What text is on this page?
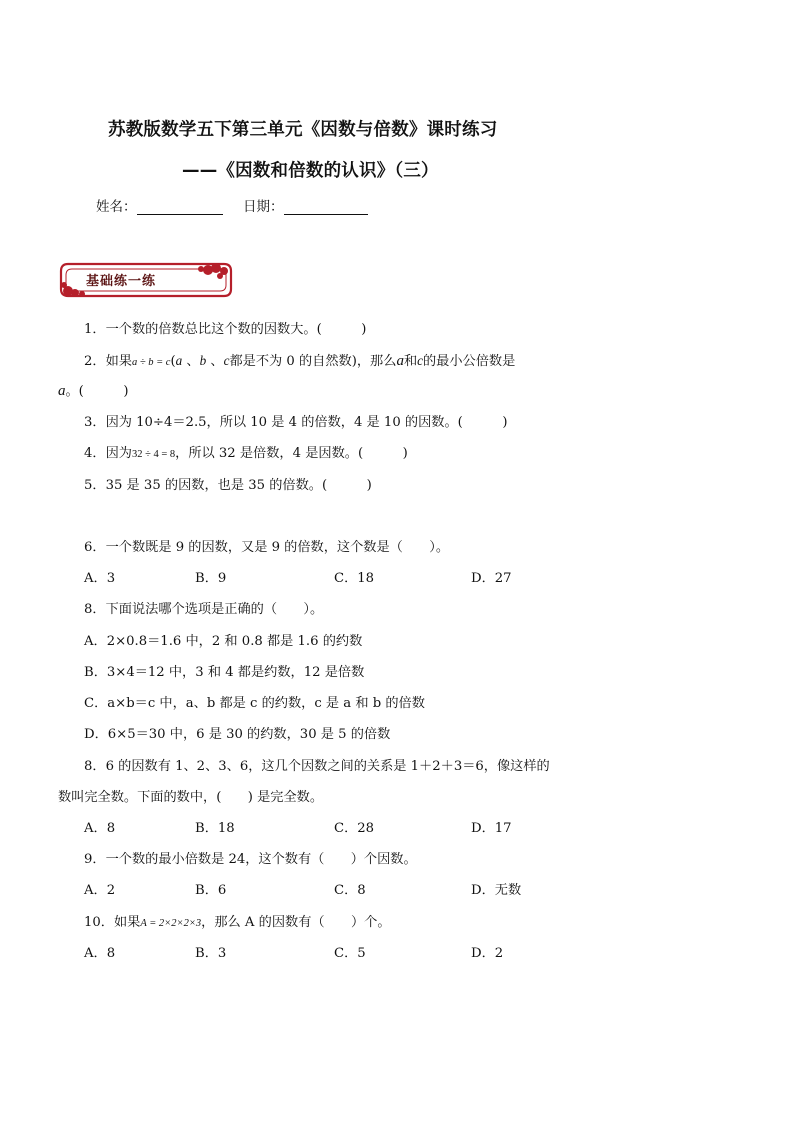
苏教版数学五下第三单元《因数与倍数》课时练习
——《因数和倍数的认识》（三）
姓名：	日期：
基础练一练
1．一个数的倍数总比这个数的因数大。(　　　)
2．如果a ÷ b = c(a 、b 、c都是不为 0 的自然数)，那么a和c的最小公倍数是
a。(　　　)
3．因为 10÷4＝2.5，所以 10 是 4 的倍数，4 是 10 的因数。(　　　)
4．因为32 ÷ 4 = 8，所以 32 是倍数，4 是因数。(　　　)
5．35 是 35 的因数，也是 35 的倍数。(　　　)
6．一个数既是 9 的因数，又是 9 的倍数，这个数是（　　）。
A．3	B．9	C．18	D．27
8．下面说法哪个选项是正确的（　　）。
A．2×0.8＝1.6 中，2 和 0.8 都是 1.6 的约数
B．3×4＝12 中，3 和 4 都是约数，12 是倍数
C．a×b＝c 中，a、b 都是 c 的约数，c 是 a 和 b 的倍数
D．6×5＝30 中，6 是 30 的约数，30 是 5 的倍数
8．6 的因数有 1、2、3、6，这几个因数之间的关系是 1＋2＋3＝6，像这样的
数叫完全数。下面的数中，(　　) 是完全数。
A．8	B．18	C．28	D．17
9．一个数的最小倍数是 24，这个数有（　　）个因数。
A．2	B．6	C．8	D．无数
10．如果A = 2×2×2×3，那么 A 的因数有（　　）个。
A．8	B．3	C．5	D．2
